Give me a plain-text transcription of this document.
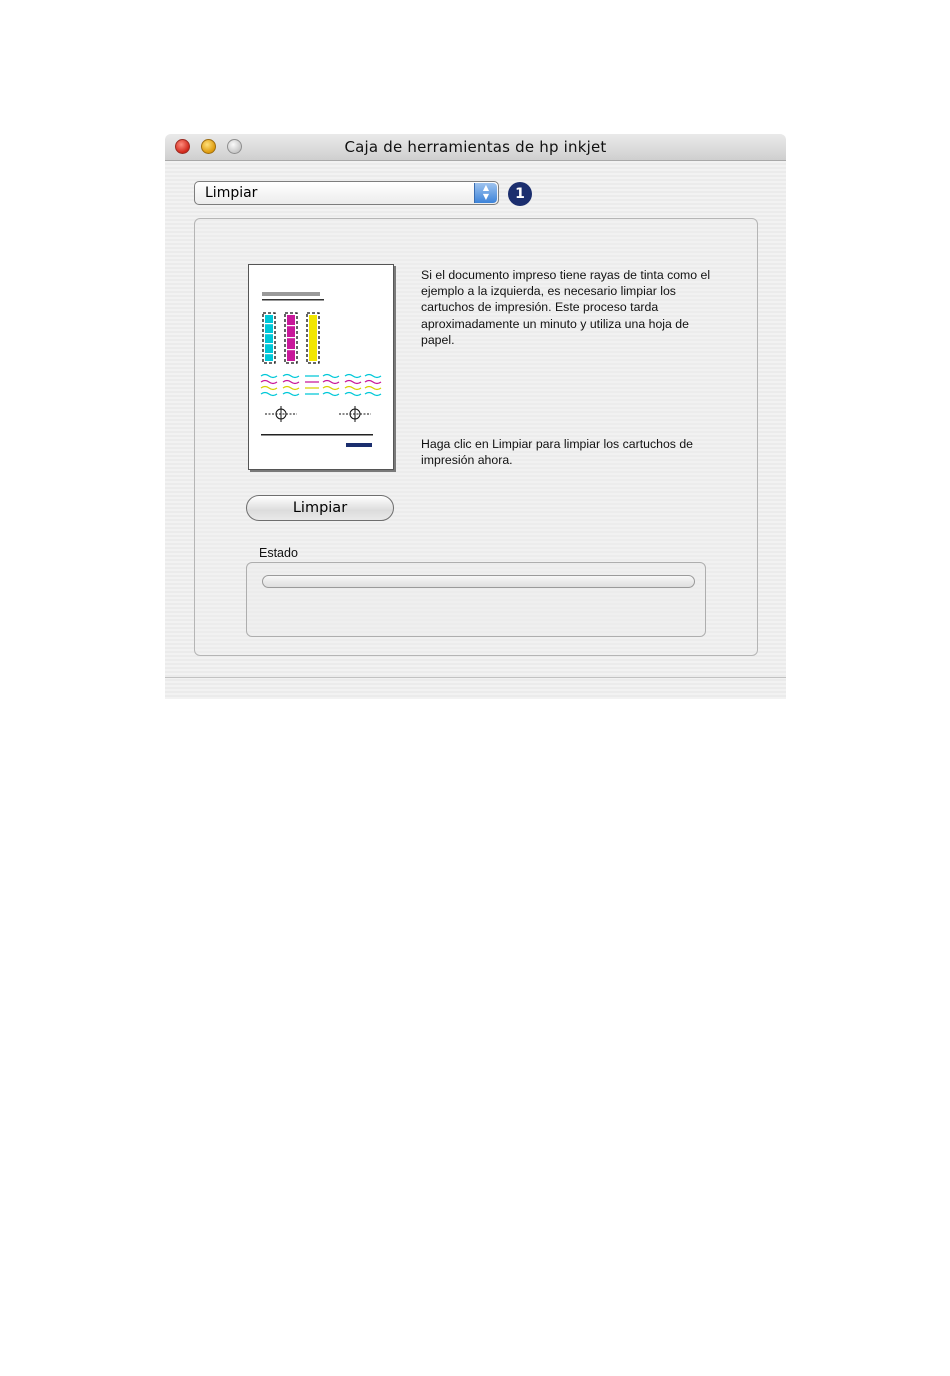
Caja de herramientas de hp inkjet
Limpiar	▲
▼	1
Si el documento impreso tiene rayas de tinta como el ejemplo a la izquierda, es necesario limpiar los cartuchos de impresión. Este proceso tarda aproximadamente un minuto y utiliza una hoja de papel.
Haga clic en Limpiar para limpiar los cartuchos de impresión ahora.
Limpiar
Estado
